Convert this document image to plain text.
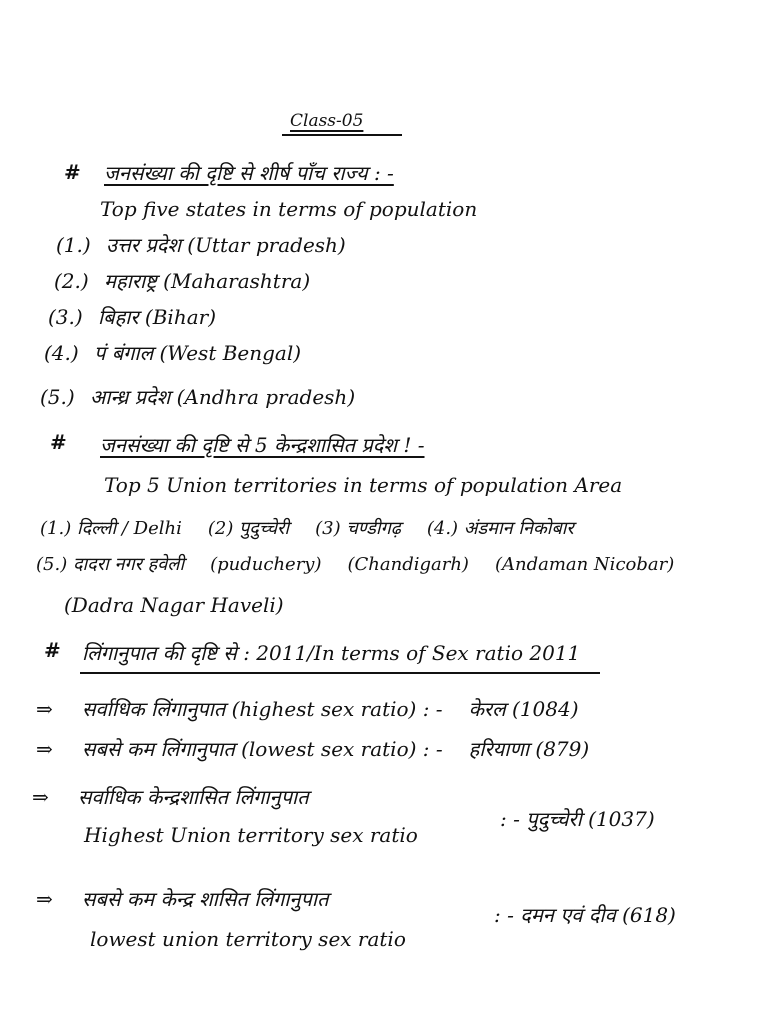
Class-05
# जनसंख्या की दृष्टि से शीर्ष पाँच राज्य : -
Top five states in terms of population
(1.) उत्तर प्रदेश (Uttar pradesh)
(2.) महाराष्ट्र (Maharashtra)
(3.) बिहार (Bihar)
(4.) पं बंगाल (West Bengal)
(5.) आन्ध्र प्रदेश (Andhra pradesh)
# जनसंख्या की दृष्टि से 5 केन्द्रशासित प्रदेश ! -
Top 5 Union territories in terms of population Area
(1.) दिल्ली / Delhi (2) पुदुच्चेरी (3) चण्डीगढ़ (4.) अंडमान निकोबार
(5.) दादरा नगर हवेली (puduchery) (Chandigarh) (Andaman Nicobar)
(Dadra Nagar Haveli)
# लिंगानुपात की दृष्टि से : 2011/In terms of Sex ratio 2011
⇒ सर्वाधिक लिंगानुपात (highest sex ratio) : - केरल (1084)
⇒ सबसे कम लिंगानुपात (lowest sex ratio) : - हरियाणा (879)
⇒ सर्वाधिक केन्द्रशासित लिंगानुपात
Highest Union territory sex ratio
: - पुदुच्चेरी (1037)
⇒ सबसे कम केन्द्र शासित लिंगानुपात
lowest union territory sex ratio
: - दमन एवं दीव (618)
